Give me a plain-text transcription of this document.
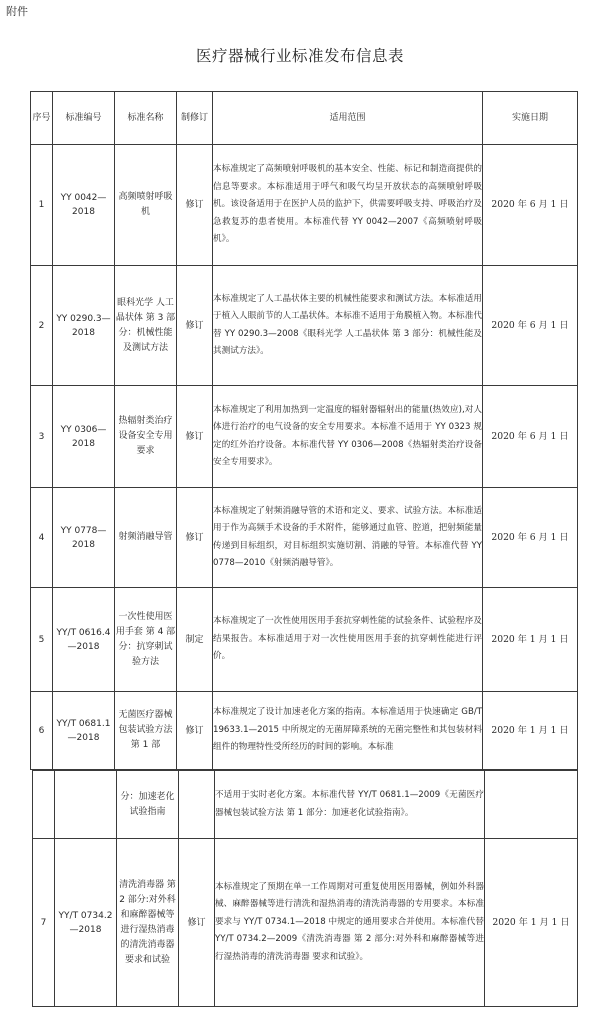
附件
医疗器械行业标准发布信息表
序号	标准编号	标准名称	制修订	适用范围	实施日期
1	YY 0042—2018	高频喷射呼吸机	修订	本标准规定了高频喷射呼吸机的基本安全、性能、标记和制造商提供的信息等要求。本标准适用于呼气和吸气均呈开放状态的高频喷射呼吸机。该设备适用于在医护人员的监护下，供需要呼吸支持、呼吸治疗及急救复苏的患者使用。本标准代替 YY 0042—2007《高频喷射呼吸机》。	2020 年 6 月 1 日
2	YY 0290.3—2018	眼科光学 人工晶状体 第 3 部分：机械性能及测试方法	修订	本标准规定了人工晶状体主要的机械性能要求和测试方法。本标准适用于植入人眼前节的人工晶状体。本标准不适用于角膜植入物。本标准代替 YY 0290.3—2008《眼科光学 人工晶状体 第 3 部分：机械性能及其测试方法》。	2020 年 6 月 1 日
3	YY 0306—2018	热辐射类治疗设备安全专用要求	修订	本标准规定了利用加热到一定温度的辐射器辐射出的能量(热效应),对人体进行治疗的电气设备的安全专用要求。本标准不适用于 YY 0323 规定的红外治疗设备。本标准代替 YY 0306—2008《热辐射类治疗设备安全专用要求》。	2020 年 6 月 1 日
4	YY 0778—2018	射频消融导管	修订	本标准规定了射频消融导管的术语和定义、要求、试验方法。本标准适用于作为高频手术设备的手术附件，能够通过血管、腔道，把射频能量传递到目标组织，对目标组织实施切割、消融的导管。本标准代替 YY 0778—2010《射频消融导管》。	2020 年 6 月 1 日
5	YY/T 0616.4—2018	一次性使用医用手套 第 4 部分：抗穿刺试验方法	制定	本标准规定了一次性使用医用手套抗穿刺性能的试验条件、试验程序及结果报告。本标准适用于对一次性使用医用手套的抗穿刺性能进行评价。	2020 年 1 月 1 日
6	YY/T 0681.1—2018	无菌医疗器械包装试验方法 第 1 部	修订	本标准规定了设计加速老化方案的指南。本标准适用于快速确定 GB/T 19633.1—2015 中所规定的无菌屏障系统的无菌完整性和其包装材料组件的物理特性受所经历的时间的影响。本标准	2020 年 1 月 1 日
		分：加速老化试验指南		不适用于实时老化方案。本标准代替 YY/T 0681.1—2009《无菌医疗器械包装试验方法 第 1 部分：加速老化试验指南》。	
7	YY/T 0734.2—2018	清洗消毒器 第 2 部分:对外科和麻醉器械等进行湿热消毒的清洗消毒器要求和试验	修订	本标准规定了预期在单一工作周期对可重复使用医用器械，例如外科器械、麻醉器械等进行清洗和湿热消毒的清洗消毒器的专用要求。本标准要求与 YY/T 0734.1—2018 中规定的通用要求合并使用。本标准代替 YY/T 0734.2—2009《清洗消毒器 第 2 部分:对外科和麻醉器械等进行湿热消毒的清洗消毒器 要求和试验》。	2020 年 1 月 1 日
